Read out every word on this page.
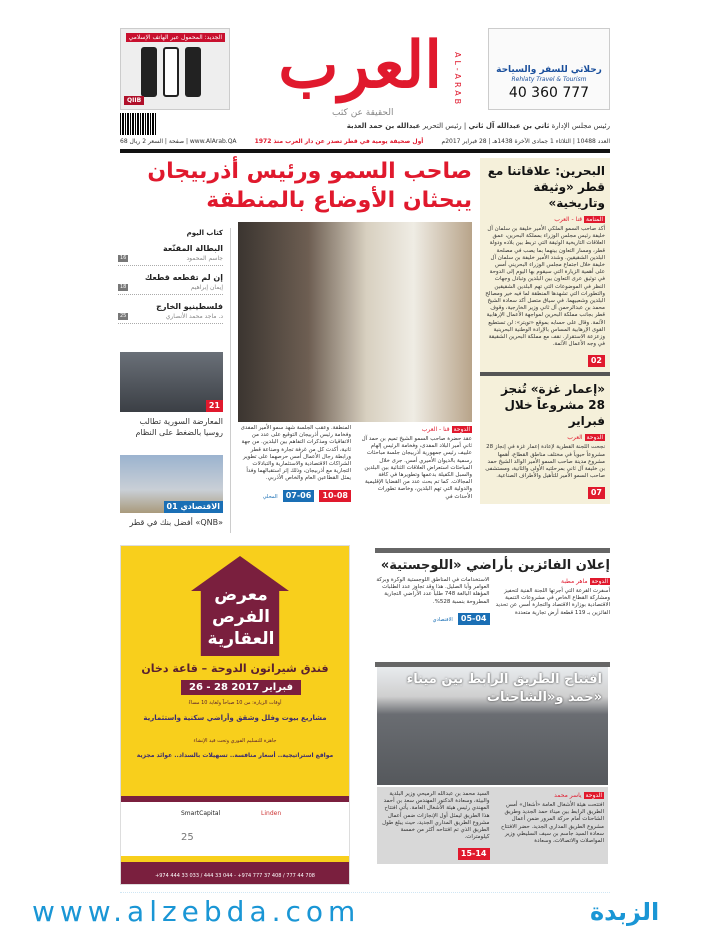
الجديد: المحمول عبر الهاتف الإسلامي
QIIB العرب AL-ARAB
الحقيقة عن كثب
رحلاتي للسفر والسياحة
Rehlaty Travel & Tourism
40 360 777
رئيس مجلس الإدارة ثاني بن عبدالله آل ثاني | رئيس التحرير عبدالله بن حمد العذبة
68 صفحة | السعر 2 ريال | www.AlArab.QA	أول صحيفة يومية في قطر تصدر عن دار العرب منذ 1972	العدد 10488 | الثلاثاء 1 جمادى الآخرة 1438هـ | 28 فبراير 2017م
صاحب السمو ورئيس أذربيجان يبحثان الأوضاع بالمنطقة
البحرين: علاقاتنا مع قطر «وثيقة وتاريخية»
المنامة قنا - العرب
أكد صاحب السمو الملكي الأمير خليفة بن سلمان آل خليفة رئيس مجلس الوزراء بمملكة البحرين، عمق العلاقات التاريخية الوثيقة التي تربط بين بلاده ودولة قطر، ومسار التعاون بينهما بما يصب في مصلحة البلدين الشقيقين. وشدد الأمير خليفة بن سلمان آل خليفة خلال اجتماع مجلس الوزراء البحريني أمس على أهمية الزيارة التي سيقوم بها اليوم إلى الدوحة في توثيق عرى التعاون بين البلدين وتبادل وجهات النظر في الموضوعات التي تهم البلدين الشقيقين والتطورات التي تشهدها المنطقة لما فيه خير ومصالح البلدين وشعبيهما. في سياق متصل أكد سعادة الشيخ محمد بن عبدالرحمن آل ثاني وزير الخارجية، وقوف قطر بجانب مملكة البحرين لمواجهة الأعمال الإرهابية الآثمة. وقال على حسابه بموقع «تويتر»: لن تستطيع القوى الإرهابية المساس بالإرادة الوطنية البحرينية وزعزعة الاستقرار. نقف مع مملكة البحرين الشقيقة في وجه الأعمال الآثمة.
02
«إعمار غزة» تُنجز 28 مشروعاً خلال فبراير
الدوحة العرب
نجحت اللجنة القطرية لإعادة إعمار غزة في إنجاز 28 مشروعاً حيوياً في مختلف مناطق القطاع، أهمها مشروع مدينة صاحب السمو الأمير الوالد الشيخ حمد بن خليفة آل ثاني بمرحلتيه الأولى والثانية، ومستشفى صاحب السمو الأمير للتأهيل والأطراف الصناعية.
07
كتاب اليوم
البطالة المقنّعة
جاسم المحمود
16
إن لم تقطعه قطعك
إيمان إبراهيم
18
فلسطينيو الخارج
د. ماجد محمد الأنصاري
25
21
المعارضة السورية تطالب روسيا بالضغط على النظام
01 الاقتصادي
«QNB» أفضل بنك في قطر
الدوحة قنا - العرب
عقد حضرة صاحب السمو الشيخ تميم بن حمد آل ثاني أمير البلاد المفدى، وفخامة الرئيس إلهام علييف رئيس جمهورية أذربيجان جلسة مباحثات رسمية بالديوان الأميري أمس. جرى خلال المباحثات استعراض العلاقات الثنائية بين البلدين والسبل الكفيلة بدعمها وتطويرها في كافة المجالات. كما تم بحث عدد من القضايا الإقليمية والدولية التي تهم البلدين، وخاصة تطورات الأحداث في
المنطقة. وعقب الجلسة شهد سمو الأمير المفدى وفخامة رئيس أذربيجان التوقيع على عدد من الاتفاقيات ومذكرات التفاهم بين البلدين. من جهة ثانية، أكدت كل من غرفة تجارة وصناعة قطر ورابطة رجال الأعمال أمس حرصهما على تطوير الشراكات الاقتصادية والاستثمارية والتبادلات التجارية مع أذربيجان، وذلك إثر استقبالهما وفداً يمثل القطاعين العام والخاص الأذربي.
10-08 07-06 المحلي
معرض الفرص العقارية
فندق شيراتون الدوحة – قاعة دخان
26 - 28 فبراير 2017
أوقات الزيارة: من 10 صباحاً ولغاية 10 مساءً
مشاريع بيوت وفلل وشقق وأراضي سكنية واستثمارية
جاهزة للتسليم الفوري وتحت قيد الإنشاء
مواقع استراتيجية.. أسعار منافسة.. تسهيلات بالسداد.. عوائد مجزية
SmartCapital	Linden
25
+974 444 33 033 / 444 33 044 - +974 777 37 408 / 777 44 708
إعلان الفائزين بأراضي «اللوجستية»
الدوحة ماهر مطبة
أسفرت القرعة التي أجرتها اللجنة الفنية لتحفيز ومشاركة القطاع الخاص في مشروعات التنمية الاقتصادية بوزارة الاقتصاد والتجارة أمس عن تحديد الفائزين بـ 119 قطعة أرض تجارية متعددة
الاستخدامات في المناطق اللوجستية الوكرة وبركة العوامر وأبا الصليل. هذا وقد تجاوز عدد الطلبات المؤهلة البالغة 748 طلباً عدد الأراضي التجارية المطروحة بنسبة 528%.
05-04 الاقتصادي
افتتاح الطريق الرابط بين ميناء حمد و«الشاحنات»
الدوحة ياسر محمد
افتتحت هيئة الأشغال العامة «أشغال» أمس الطريق الرابط بين ميناء حمد الجديد وطريق الشاحنات أمام حركة المرور ضمن أعمال مشروع الطريق المداري الجديد. حضر الافتتاح سعادة السيد جاسم بن سيف السليطي وزير المواصلات والاتصالات، وسعادة
السيد محمد بن عبدالله الرميحي وزير البلدية والبيئة، وسعادة الدكتور المهندس سعد بن أحمد المهندي رئيس هيئة الأشغال العامة. يأتي افتتاح هذا الطريق ليمثل أول الإنجازات ضمن أعمال مشروع الطريق المداري الجديد، حيث يبلغ طول الطريق الذي تم افتتاحه أكثر من خمسة كيلومترات.
15-14
www.alzebda.com	الزبدة
